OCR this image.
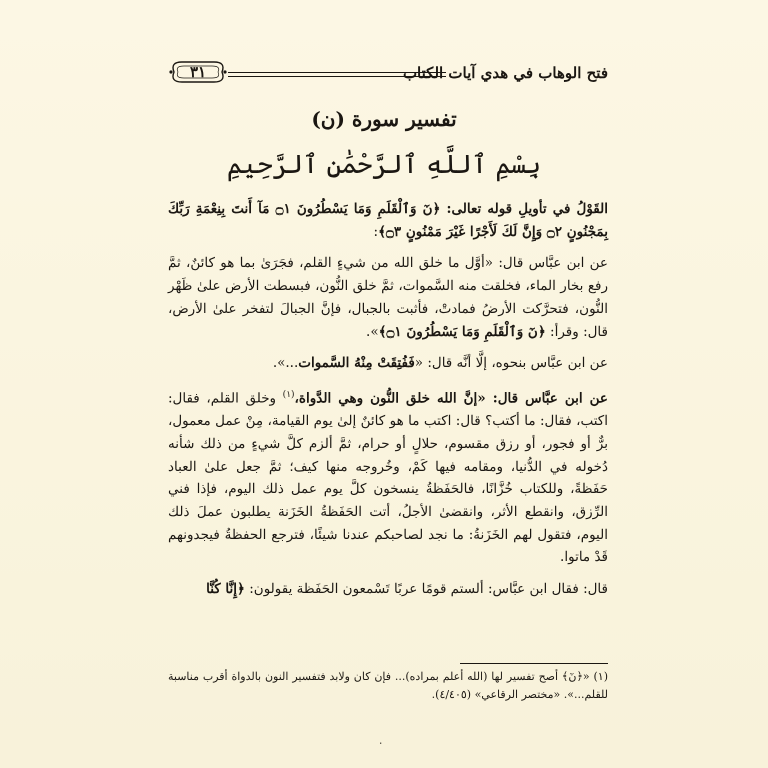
٣١	فتح الوهاب في هدي آيات الكتاب
تفسير سورة (ن)
بِسْمِ ٱللَّهِ ٱلرَّحْمَٰنِ ٱلرَّحِيمِ

القَوْلُ في تأويلِ قوله تعالى: ﴿نٓ وَٱلْقَلَمِ وَمَا يَسْطُرُونَ ۝١ مَآ أَنتَ بِنِعْمَةِ رَبِّكَ بِمَجْنُونٍ ۝٢ وَإِنَّ لَكَ لَأَجْرًا غَيْرَ مَمْنُونٍ ۝٣﴾:

عن ابن عبَّاس قال: «أوَّل ما خلق الله من شيءٍ القلم، فجَرَىٰ بما هو كائنٌ، ثمَّ رفع بخار الماء، فخلقت منه السَّموات، ثمَّ خلق النُّون، فبسطت الأرض علىٰ ظَهْر النُّون، فتحرَّكت الأرضُ فمادتْ، فأثبت بالجبال، فإنَّ الجبالَ لتفخر علىٰ الأرض، قال: وقرأ: ﴿نٓ وَٱلْقَلَمِ وَمَا يَسْطُرُونَ ۝١﴾».

عن ابن عبَّاس بنحوه، إلَّا أنَّه قال: «فَفُتِقَتْ مِنْهُ السَّموات...».

عن ابن عبَّاس قال: «إنَّ الله خلق النُّون وهي الدَّواة،$^{(١)}$ وخلق القلم، فقال: اكتب، فقال: ما أكتب؟ قال: اكتب ما هو كائنٌ إلىٰ يوم القيامة، مِنْ عمل معمول، برٌّ أو فجور، أو رزق مقسوم، حلالٍ أو حرام، ثمَّ ألزم كلَّ شيءٍ من ذلك شأنه دُخوله في الدُّنيا، ومقامه فيها كَمْ، وخُروجه منها كيف؛ ثمَّ جعل علىٰ العباد حَفَظةً، وللكتاب خُزَّانًا، فالحَفَظةُ ينسخون كلَّ يوم عمل ذلك اليوم، فإذا فني الرِّزق، وانقطع الأثر، وانقضىٰ الأجلُ، أتت الحَفَظةُ الخَزَنة يطلبون عملَ ذلك اليوم، فتقول لهم الخَزَنةُ: ما نجد لصاحبكم عندنا شيئًا، فترجع الحفظةُ فيجدونهم قَدْ ماتوا.

قال: فقال ابن عبَّاس: ألستم قومًا عربًا تَسْمعون الحَفَظة يقولون: ﴿إِنَّا كُنَّا

(١) «﴿نٓ﴾ أصح تفسير لها (الله أعلم بمراده)... فإن كان ولابد فتفسير النون بالدواة أقرب مناسبة للقلم...». «مختصر الرقاعي» (٤/٤٠٥).
٠
